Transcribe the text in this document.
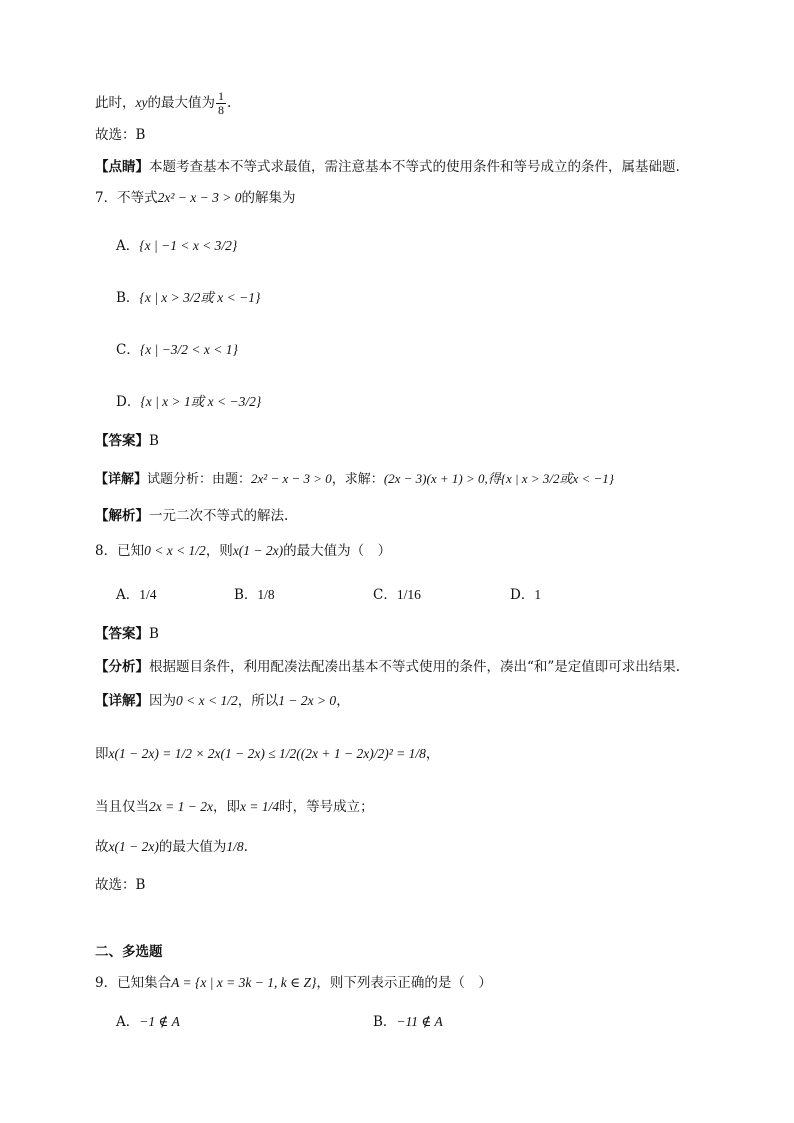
此时，xy的最大值为 $\frac{1}{8}$ .
故选：B
【点睛】本题考查基本不等式求最值，需注意基本不等式的使用条件和等号成立的条件，属基础题.
7．不等式2x² − x − 3 > 0的解集为
A．{x | −1 < x < 3/2}
B．{x | x > 3/2或 x < −1}
C．{x | −3/2 < x < 1}
D．{x | x > 1或 x < −3/2}
【答案】B
【详解】试题分析：由题：2x² − x − 3 > 0，求解：(2x − 3)(x + 1) > 0,得{x | x > 3/2或x < −1}
【解析】一元二次不等式的解法.
8．已知0 < x < 1/2，则x(1 − 2x)的最大值为（　）
A．1/4	B．1/8	C．1/16	D．1
【答案】B
【分析】根据题目条件，利用配凑法配凑出基本不等式使用的条件，凑出“和”是定值即可求出结果.
【详解】因为0 < x < 1/2，所以1 − 2x > 0，
即x(1 − 2x) = 1/2 × 2x(1 − 2x) ≤ 1/2((2x + 1 − 2x)/2)² = 1/8，
当且仅当2x = 1 − 2x，即x = 1/4时，等号成立；
故x(1 − 2x)的最大值为1/8.
故选：B
二、多选题
9．已知集合A = {x | x = 3k − 1, k ∈ Z}，则下列表示正确的是（　）
A．−1 ∉ A	B．−11 ∉ A
